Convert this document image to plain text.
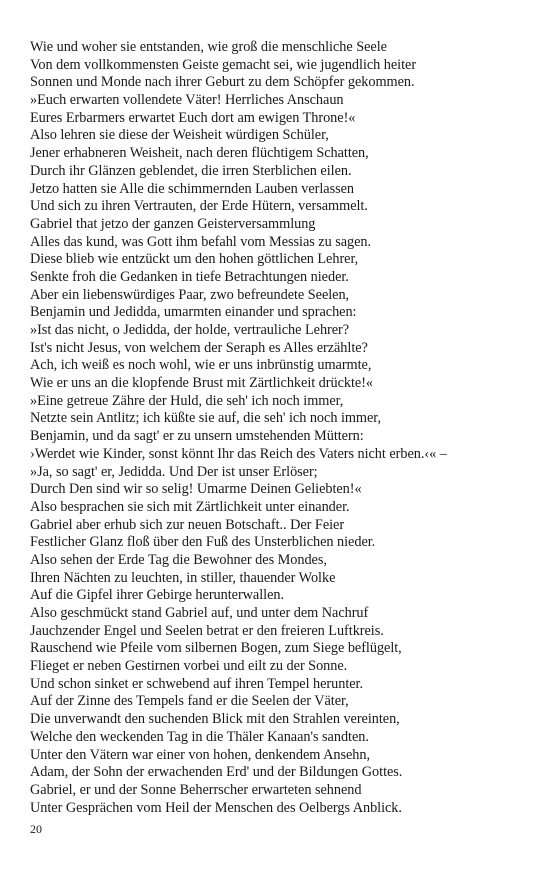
Wie und woher sie entstanden, wie groß die menschliche Seele
Von dem vollkommensten Geiste gemacht sei, wie jugendlich heiter
Sonnen und Monde nach ihrer Geburt zu dem Schöpfer gekommen.
»Euch erwarten vollendete Väter! Herrliches Anschaun
Eures Erbarmers erwartet Euch dort am ewigen Throne!«
Also lehren sie diese der Weisheit würdigen Schüler,
Jener erhabneren Weisheit, nach deren flüchtigem Schatten,
Durch ihr Glänzen geblendet, die irren Sterblichen eilen.
Jetzo hatten sie Alle die schimmernden Lauben verlassen
Und sich zu ihren Vertrauten, der Erde Hütern, versammelt.
Gabriel that jetzo der ganzen Geisterversammlung
Alles das kund, was Gott ihm befahl vom Messias zu sagen.
Diese blieb wie entzückt um den hohen göttlichen Lehrer,
Senkte froh die Gedanken in tiefe Betrachtungen nieder.
Aber ein liebenswürdiges Paar, zwo befreundete Seelen,
Benjamin und Jedidda, umarmten einander und sprachen:
»Ist das nicht, o Jedidda, der holde, vertrauliche Lehrer?
Ist's nicht Jesus, von welchem der Seraph es Alles erzählte?
Ach, ich weiß es noch wohl, wie er uns inbrünstig umarmte,
Wie er uns an die klopfende Brust mit Zärtlichkeit drückte!«
»Eine getreue Zähre der Huld, die seh' ich noch immer,
Netzte sein Antlitz; ich küßte sie auf, die seh' ich noch immer,
Benjamin, und da sagt' er zu unsern umstehenden Müttern:
›Werdet wie Kinder, sonst könnt Ihr das Reich des Vaters nicht erben.‹« –
»Ja, so sagt' er, Jedidda. Und Der ist unser Erlöser;
Durch Den sind wir so selig! Umarme Deinen Geliebten!«
Also besprachen sie sich mit Zärtlichkeit unter einander.
Gabriel aber erhub sich zur neuen Botschaft.. Der Feier
Festlicher Glanz floß über den Fuß des Unsterblichen nieder.
Also sehen der Erde Tag die Bewohner des Mondes,
Ihren Nächten zu leuchten, in stiller, thauender Wolke
Auf die Gipfel ihrer Gebirge herunterwallen.
Also geschmückt stand Gabriel auf, und unter dem Nachruf
Jauchzender Engel und Seelen betrat er den freieren Luftkreis.
Rauschend wie Pfeile vom silbernen Bogen, zum Siege beflügelt,
Flieget er neben Gestirnen vorbei und eilt zu der Sonne.
Und schon sinket er schwebend auf ihren Tempel herunter.
Auf der Zinne des Tempels fand er die Seelen der Väter,
Die unverwandt den suchenden Blick mit den Strahlen vereinten,
Welche den weckenden Tag in die Thäler Kanaan's sandten.
Unter den Vätern war einer von hohen, denkendem Ansehn,
Adam, der Sohn der erwachenden Erd' und der Bildungen Gottes.
Gabriel, er und der Sonne Beherrscher erwarteten sehnend
Unter Gesprächen vom Heil der Menschen des Oelbergs Anblick.
20
